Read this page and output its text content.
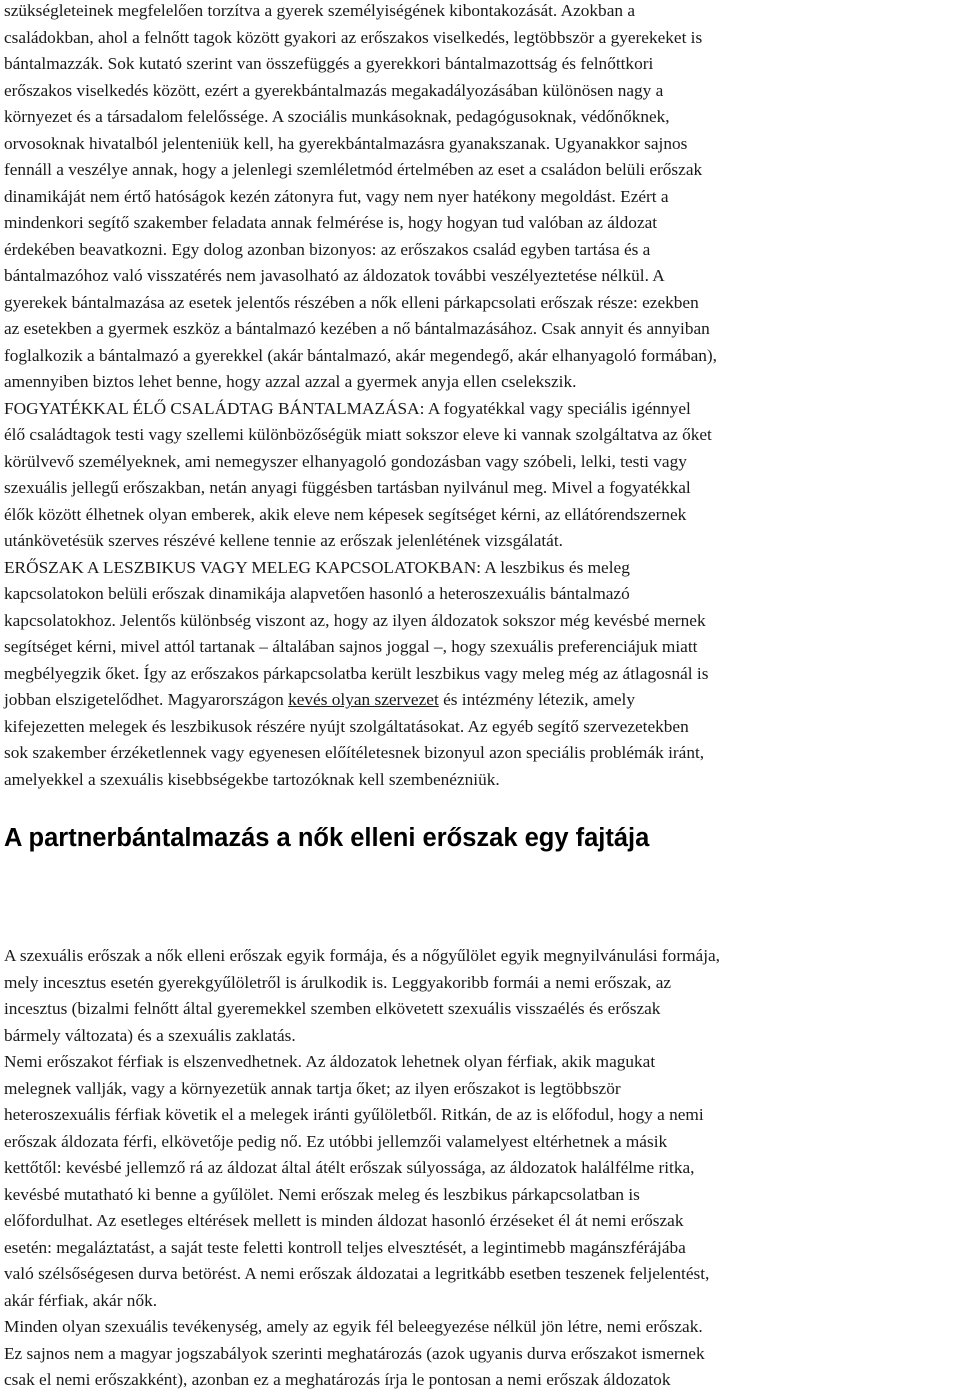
szükségleteinek megfelelően torzítva a gyerek személyiségének kibontakozását. Azokban a
családokban, ahol a felnőtt tagok között gyakori az erőszakos viselkedés, legtöbbször a gyerekeket is
bántalmazzák. Sok kutató szerint van összefüggés a gyerekkori bántalmazottság és felnőttkori
erőszakos viselkedés között, ezért a gyerekbántalmazás megakadályozásában különösen nagy a
környezet és a társadalom felelőssége. A szociális munkásoknak, pedagógusoknak, védőnőknek,
orvosoknak hivatalból jelenteniük kell, ha gyerekbántalmazásra gyanakszanak. Ugyanakkor sajnos
fennáll a veszélye annak, hogy a jelenlegi szemléletmód értelmében az eset a családon belüli erőszak
dinamikáját nem értő hatóságok kezén zátonyra fut, vagy nem nyer hatékony megoldást. Ezért a
mindenkori segítő szakember feladata annak felmérése is, hogy hogyan tud valóban az áldozat
érdekében beavatkozni. Egy dolog azonban bizonyos: az erőszakos család egyben tartása és a
bántalmazóhoz való visszatérés nem javasolható az áldozatok további veszélyeztetése nélkül. A
gyerekek bántalmazása az esetek jelentős részében a nők elleni párkapcsolati erőszak része: ezekben
az esetekben a gyermek eszköz a bántalmazó kezében a nő bántalmazásához. Csak annyit és annyiban
foglalkozik a bántalmazó a gyerekkel (akár bántalmazó, akár megendegő, akár elhanyagoló formában),
amennyiben biztos lehet benne, hogy azzal azzal a gyermek anyja ellen cselekszik.
FOGYATÉKKAL ÉLŐ CSALÁDTAG BÁNTALMAZÁSA: A fogyatékkal vagy speciális igénnyel
élő családtagok testi vagy szellemi különbözőségük miatt sokszor eleve ki vannak szolgáltatva az őket
körülvevő személyeknek, ami nemegyszer elhanyagoló gondozásban vagy szóbeli, lelki, testi vagy
szexuális jellegű erőszakban, netán anyagi függésben tartásban nyilvánul meg. Mivel a fogyatékkal
élők között élhetnek olyan emberek, akik eleve nem képesek segítséget kérni, az ellátórendszernek
utánkövetésük szerves részévé kellene tennie az erőszak jelenlétének vizsgálatát.
ERŐSZAK A LESZBIKUS VAGY MELEG KAPCSOLATOKBAN: A leszbikus és meleg
kapcsolatokon belüli erőszak dinamikája alapvetően hasonló a heteroszexuális bántalmazó
kapcsolatokhoz. Jelentős különbség viszont az, hogy az ilyen áldozatok sokszor még kevésbé mernek
segítséget kérni, mivel attól tartanak – általában sajnos joggal –, hogy szexuális preferenciájuk miatt
megbélyegzik őket. Így az erőszakos párkapcsolatba került leszbikus vagy meleg még az átlagosnál is
jobban elszigetelődhet. Magyarországon kevés olyan szervezet és intézmény létezik, amely
kifejezetten melegek és leszbikusok részére nyújt szolgáltatásokat. Az egyéb segítő szervezetekben
sok szakember érzéketlennek vagy egyenesen előítéletesnek bizonyul azon speciális problémák iránt,
amelyekkel a szexuális kisebbségekbe tartozóknak kell szembenézniük.
A partnerbántalmazás a nők elleni erőszak egy fajtája
A szexuális erőszak a nők elleni erőszak egyik formája, és a nőgyűlölet egyik megnyilvánulási formája,
mely incesztus esetén gyerekgyűlöletről is árulkodik is. Leggyakoribb formái a nemi erőszak, az
incesztus (bizalmi felnőtt által gyeremekkel szemben elkövetett szexuális visszaélés és erőszak
bármely változata) és a szexuális zaklatás.
Nemi erőszakot férfiak is elszenvedhetnek. Az áldozatok lehetnek olyan férfiak, akik magukat
melegnek vallják, vagy a környezetük annak tartja őket; az ilyen erőszakot is legtöbbször
heteroszexuális férfiak követik el a melegek iránti gyűlöletből. Ritkán, de az is előfodul, hogy a nemi
erőszak áldozata férfi, elkövetője pedig nő. Ez utóbbi jellemzői valamelyest eltérhetnek a másik
kettőtől: kevésbé jellemző rá az áldozat által átélt erőszak súlyossága, az áldozatok halálfélme ritka,
kevésbé mutatható ki benne a gyűlölet. Nemi erőszak meleg és leszbikus párkapcsolatban is
előfordulhat. Az esetleges eltérések mellett is minden áldozat hasonló érzéseket él át nemi erőszak
esetén: megaláztatást, a saját teste feletti kontroll teljes elvesztését, a legintimebb magánszférájába
való szélsőségesen durva betörést. A nemi erőszak áldozatai a legritkább esetben teszenek feljelentést,
akár férfiak, akár nők.
Minden olyan szexuális tevékenység, amely az egyik fél beleegyezése nélkül jön létre, nemi erőszak.
Ez sajnos nem a magyar jogszabályok szerinti meghatározás (azok ugyanis durva erőszakot ismernek
csak el nemi erőszakként), azonban ez a meghatározás írja le pontosan a nemi erőszak áldozatok
